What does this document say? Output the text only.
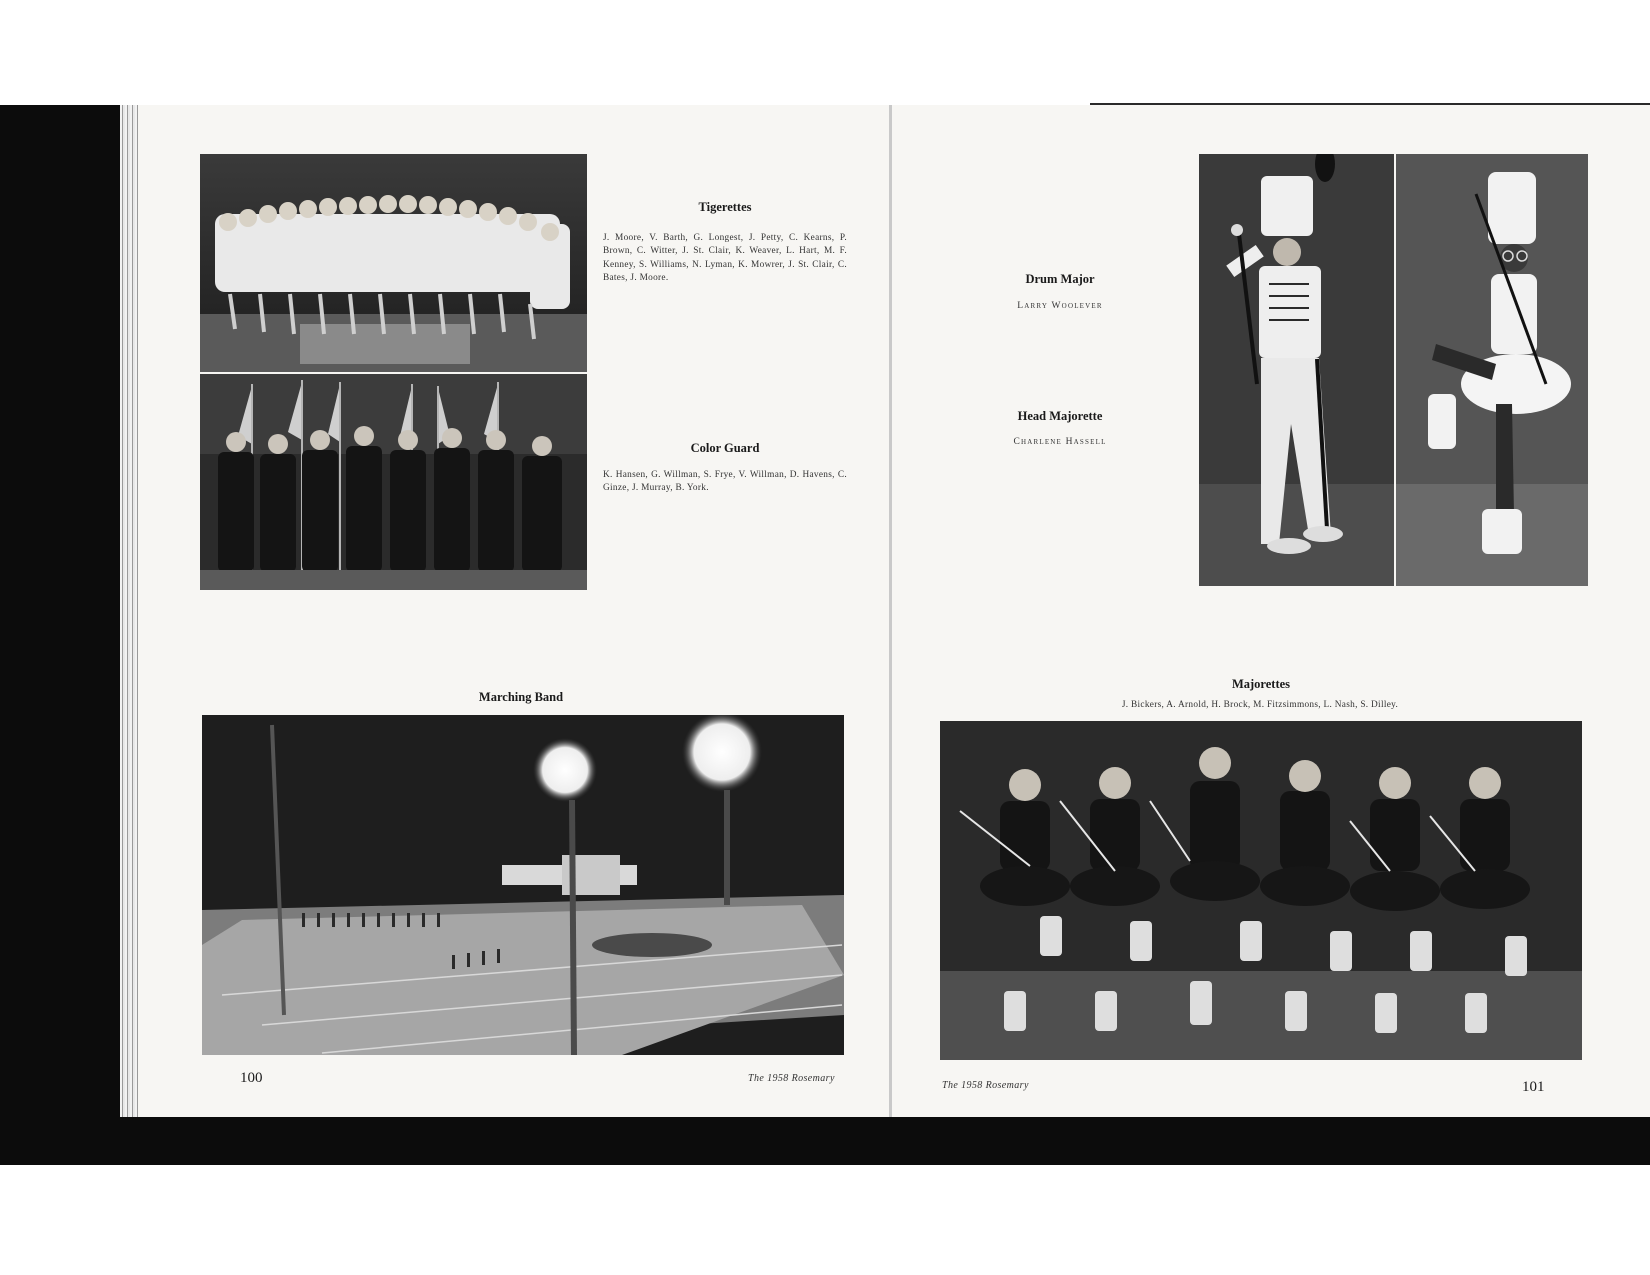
Tigerettes
J. Moore, V. Barth, G. Longest, J. Petty, C. Kearns, P. Brown, C. Witter, J. St. Clair, K. Weaver, L. Hart, M. F. Kenney, S. Williams, N. Lyman, K. Mowrer, J. St. Clair, C. Bates, J. Moore.
Color Guard
K. Hansen, G. Willman, S. Frye, V. Willman, D. Havens, C. Ginze, J. Murray, B. York.
Marching Band
100	The 1958 Rosemary
Drum Major
Larry Woolever
Head Majorette
Charlene Hassell
Majorettes
J. Bickers, A. Arnold, H. Brock, M. Fitzsimmons, L. Nash, S. Dilley.
The 1958 Rosemary	101
